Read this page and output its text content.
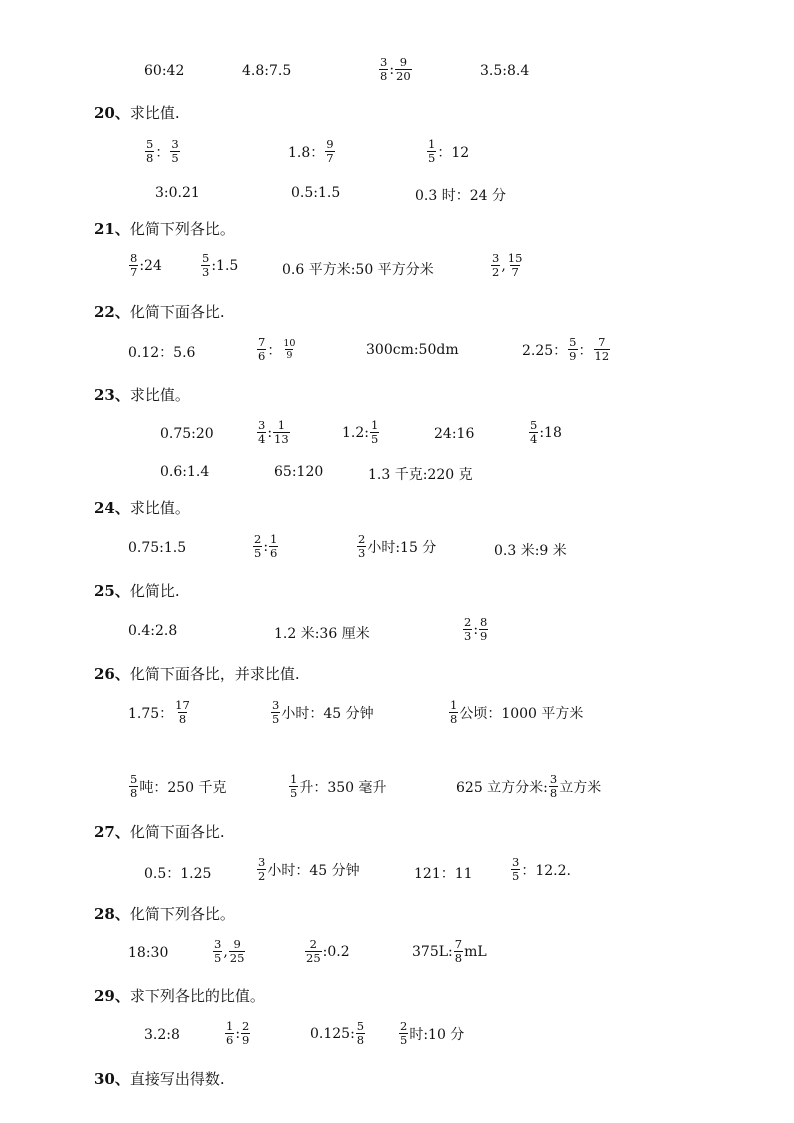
60:42	4.8:7.5	$\frac{3}{8}$ : $\frac{9}{20}$	3.5:8.4
20、求比值.
$\frac{5}{8}$ ： $\frac{3}{5}$	1.8： $\frac{9}{7}$	$\frac{1}{5}$ ：12
3:0.21	0.5:1.5	0.3 时：24 分
21、化简下列各比。
$\frac{8}{7}$ :24	$\frac{5}{3}$ :1.5	0.6 平方米:50 平方分米	$\frac{3}{2}$ , $\frac{15}{7}$
22、化简下面各比.
0.12：5.6	$\frac{7}{6}$ ： $\frac{10}{9}$	300cm:50dm	2.25： $\frac{5}{9}$ ： $\frac{7}{12}$
23、求比值。
0.75:20	$\frac{3}{4}$ : $\frac{1}{13}$	1.2: $\frac{1}{5}$	24:16	$\frac{5}{4}$ :18
0.6:1.4	65:120	1.3 千克:220 克
24、求比值。
0.75:1.5	$\frac{2}{5}$ : $\frac{1}{6}$	$\frac{2}{3}$ 小时:15 分	0.3 米:9 米
25、化简比.
0.4:2.8	1.2 米:36 厘米	$\frac{2}{3}$ : $\frac{8}{9}$
26、化简下面各比，并求比值.
1.75： $\frac{17}{8}$	$\frac{3}{5}$ 小时：45 分钟	$\frac{1}{8}$ 公顷：1000 平方米
$\frac{5}{8}$ 吨：250 千克	$\frac{1}{5}$ 升：350 毫升	625 立方分米: $\frac{3}{8}$ 立方米
27、化简下面各比.
0.5：1.25	$\frac{3}{2}$ 小时：45 分钟	121：11	$\frac{3}{5}$ ：12.2.
28、化简下列各比。
18:30	$\frac{3}{5}$ , $\frac{9}{25}$	$\frac{2}{25}$ :0.2	375L: $\frac{7}{8}$ mL
29、求下列各比的比值。
3.2:8	$\frac{1}{6}$ : $\frac{2}{9}$	0.125: $\frac{5}{8}$	$\frac{2}{5}$ 时:10 分
30、直接写出得数.
